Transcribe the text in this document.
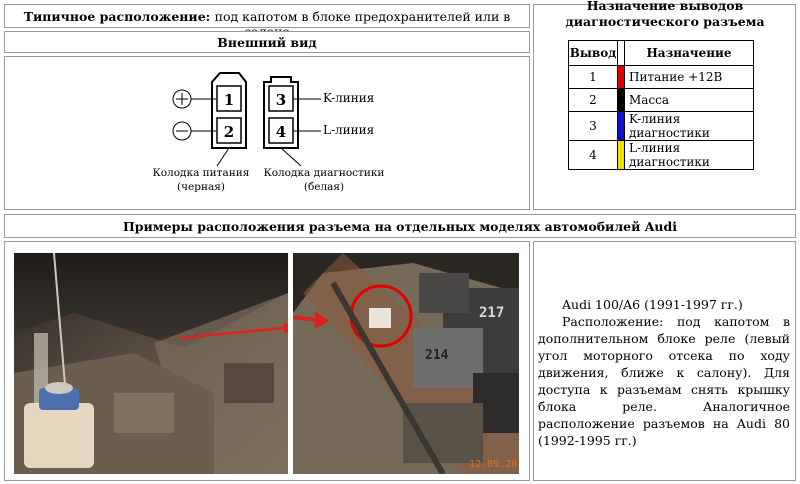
Типичное расположение: под капотом в блоке предохранителей или в
Внешний вид
1
2
3
4
K-линия
L-линия
Колодка питания
(черная)
Колодка диагностики
(белая)
Назначение выводов диагностического разъема
Вывод		Назначение
1		Питание +12В
2		Масса
3		K-линия диагностики
4		L-линия диагностики
Примеры расположения разъема на отдельных моделях автомобилей Audi
217
214
12.09.20
Audi 100/A6 (1991-1997 гг.)
Расположение: под капотом в дополнительном блоке реле (левый угол моторного отсека по ходу движения, ближе к салону). Для доступа к разъемам снять крышку блока реле. Аналогичное расположение разъемов на Audi 80 (1992-1995 гг.)
